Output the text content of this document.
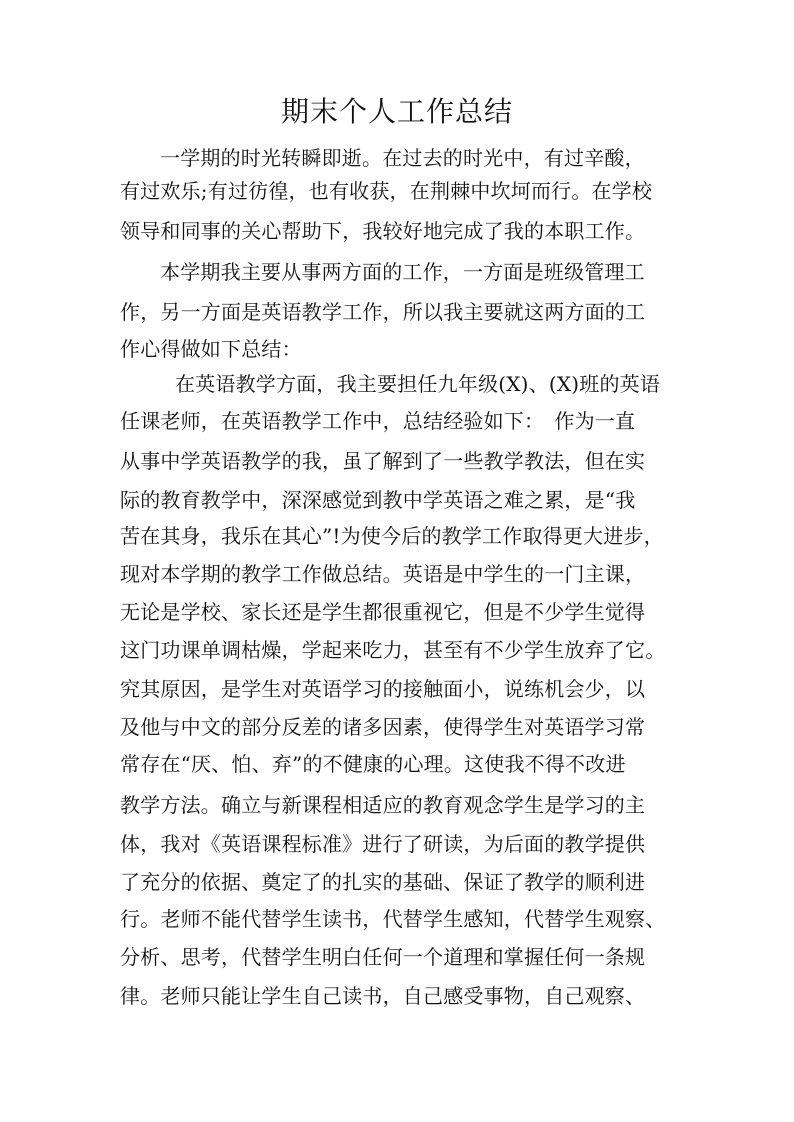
期末个人工作总结
一学期的时光转瞬即逝。在过去的时光中，有过辛酸，
有过欢乐;有过彷徨，也有收获，在荆棘中坎坷而行。在学校
领导和同事的关心帮助下，我较好地完成了我的本职工作。
本学期我主要从事两方面的工作，一方面是班级管理工
作，另一方面是英语教学工作，所以我主要就这两方面的工
作心得做如下总结：
在英语教学方面，我主要担任九年级(X)、(X)班的英语
任课老师，在英语教学工作中，总结经验如下：　作为一直
从事中学英语教学的我，虽了解到了一些教学教法，但在实
际的教育教学中，深深感觉到教中学英语之难之累，是“我
苦在其身，我乐在其心”!为使今后的教学工作取得更大进步，
现对本学期的教学工作做总结。英语是中学生的一门主课，
无论是学校、家长还是学生都很重视它，但是不少学生觉得
这门功课单调枯燥，学起来吃力，甚至有不少学生放弃了它。
究其原因，是学生对英语学习的接触面小，说练机会少，以
及他与中文的部分反差的诸多因素，使得学生对英语学习常
常存在“厌、怕、弃”的不健康的心理。这使我不得不改进
教学方法。确立与新课程相适应的教育观念学生是学习的主
体，我对《英语课程标准》进行了研读，为后面的教学提供
了充分的依据、奠定了的扎实的基础、保证了教学的顺利进
行。老师不能代替学生读书，代替学生感知，代替学生观察、
分析、思考，代替学生明白任何一个道理和掌握任何一条规
律。老师只能让学生自己读书，自己感受事物，自己观察、
